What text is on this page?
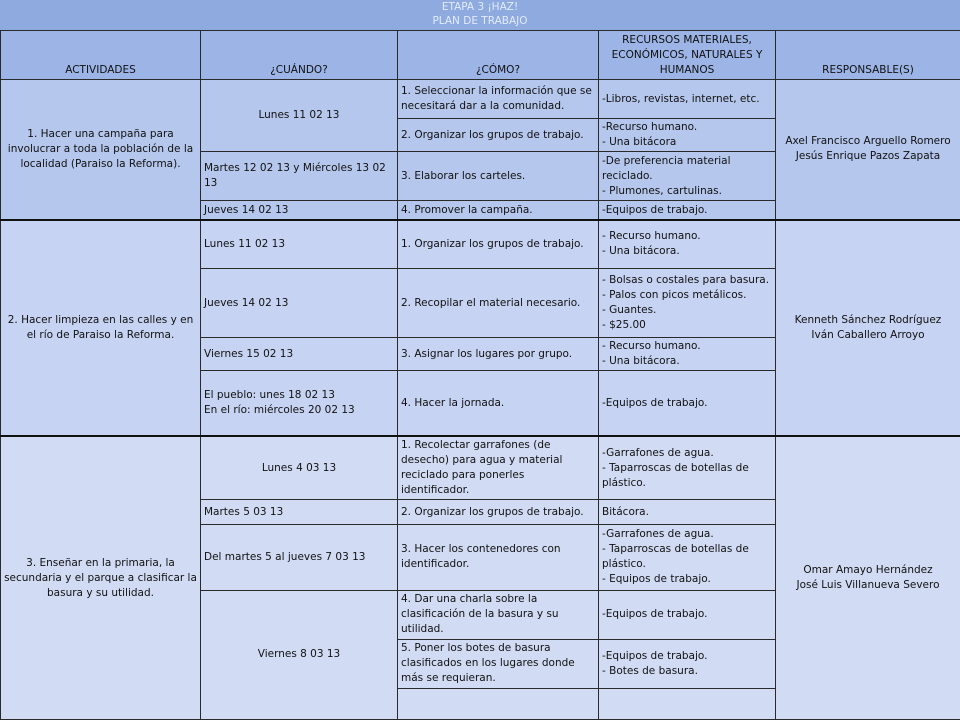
ETAPA 3 ¡HAZ!
PLAN DE TRABAJO
ACTIVIDADES	¿CUÁNDO?	¿CÓMO?	RECURSOS MATERIALES, ECONÓMICOS, NATURALES Y HUMANOS	RESPONSABLE(S)
1. Hacer una campaña para involucrar a toda la población de la localidad (Paraiso la Reforma).	Lunes 11 02 13	1. Seleccionar la información que se necesitará dar a la comunidad.	-Libros, revistas, internet, etc.	Axel Francisco Arguello Romero
Jesús Enrique Pazos Zapata

		2. Organizar los grupos de trabajo.	-Recurso humano.
- Una bitácora	

	Martes 12 02 13 y Miércoles 13 02 13	3. Elaborar los carteles.	-De preferencia material reciclado.
- Plumones, cartulinas.	

	Jueves 14 02 13	4. Promover la campaña.	-Equipos de trabajo.	

2. Hacer limpieza en las calles y en el río de Paraiso la Reforma.	Lunes 11 02 13	1. Organizar los grupos de trabajo.	- Recurso humano.
- Una bitácora.	Kenneth Sánchez Rodríguez
Iván Caballero Arroyo

	Jueves 14 02 13	2. Recopilar el material necesario.	- Bolsas o costales para basura.
- Palos con picos metálicos.
- Guantes.
- $25.00	

	Viernes 15 02 13	3. Asignar los lugares por grupo.	- Recurso humano.
- Una bitácora.	

	El pueblo: unes 18 02 13
En el río: miércoles 20 02 13	4. Hacer la jornada.	-Equipos de trabajo.	

3. Enseñar en la primaria, la secundaria y el parque a clasificar la basura y su utilidad.	Lunes 4 03 13	1. Recolectar garrafones (de desecho) para agua y material reciclado para ponerles identificador.	-Garrafones de agua.
- Taparroscas de botellas de plástico.	Omar Amayo Hernández
José Luis Villanueva Severo

	Martes 5 03 13	2. Organizar los grupos de trabajo.	Bitácora.	

	Del martes 5 al jueves 7 03 13	3. Hacer los contenedores con identificador.	-Garrafones de agua.
- Taparroscas de botellas de plástico.
- Equipos de trabajo.	

	Viernes 8 03 13	4. Dar una charla sobre la clasificación de la basura y su utilidad.	-Equipos de trabajo.	

		5. Poner los botes de basura clasificados en los lugares donde más se requieran.	-Equipos de trabajo.
- Botes de basura.	
